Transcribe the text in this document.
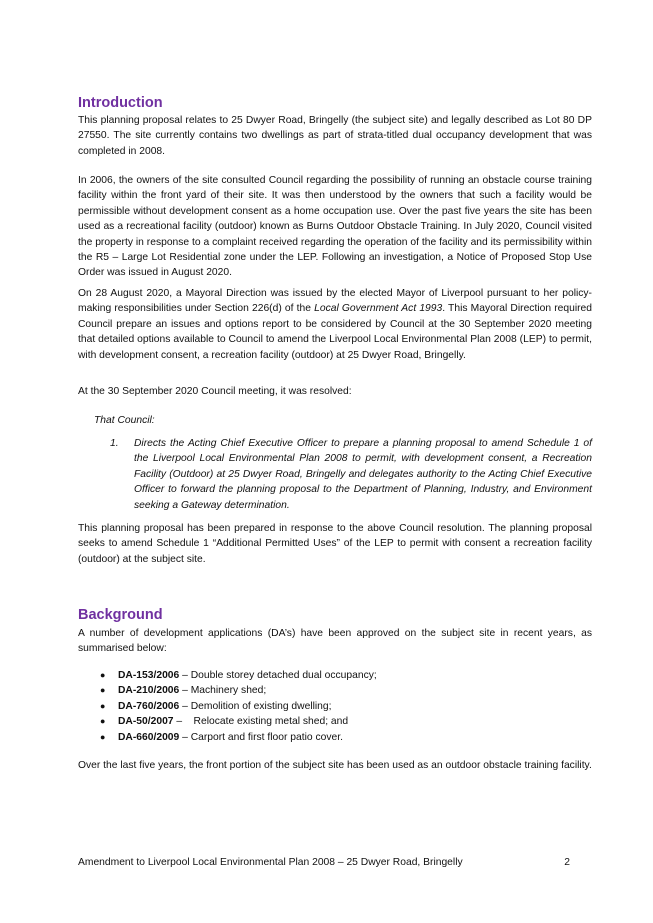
Introduction

This planning proposal relates to 25 Dwyer Road, Bringelly (the subject site) and legally described as Lot 80 DP 27550. The site currently contains two dwellings as part of strata-titled dual occupancy development that was completed in 2008.

In 2006, the owners of the site consulted Council regarding the possibility of running an obstacle course training facility within the front yard of their site. It was then understood by the owners that such a facility would be permissible without development consent as a home occupation use. Over the past five years the site has been used as a recreational facility (outdoor) known as Burns Outdoor Obstacle Training. In July 2020, Council visited the property in response to a complaint received regarding the operation of the facility and its permissibility within the R5 – Large Lot Residential zone under the LEP. Following an investigation, a Notice of Proposed Stop Use Order was issued in August 2020.

On 28 August 2020, a Mayoral Direction was issued by the elected Mayor of Liverpool pursuant to her policy-making responsibilities under Section 226(d) of the Local Government Act 1993. This Mayoral Direction required Council prepare an issues and options report to be considered by Council at the 30 September 2020 meeting that detailed options available to Council to amend the Liverpool Local Environmental Plan 2008 (LEP) to permit, with development consent, a recreation facility (outdoor) at 25 Dwyer Road, Bringelly.

At the 30 September 2020 Council meeting, it was resolved:

That Council:

1.	Directs the Acting Chief Executive Officer to prepare a planning proposal to amend Schedule 1 of the Liverpool Local Environmental Plan 2008 to permit, with development consent, a Recreation Facility (Outdoor) at 25 Dwyer Road, Bringelly and delegates authority to the Acting Chief Executive Officer to forward the planning proposal to the Department of Planning, Industry, and Environment seeking a Gateway determination.

This planning proposal has been prepared in response to the above Council resolution. The planning proposal seeks to amend Schedule 1 “Additional Permitted Uses” of the LEP to permit with consent a recreation facility (outdoor) at the subject site.

Background

A number of development applications (DA’s) have been approved on the subject site in recent years, as summarised below:

●	DA-153/2006 – Double storey detached dual occupancy;
●	DA-210/2006 – Machinery shed;
●	DA-760/2006 – Demolition of existing dwelling;
●	DA-50/2007 –    Relocate existing metal shed; and
●	DA-660/2009 – Carport and first floor patio cover.

Over the last five years, the front portion of the subject site has been used as an outdoor obstacle training facility.

Amendment to Liverpool Local Environmental Plan 2008 – 25 Dwyer Road, Bringelly	2
